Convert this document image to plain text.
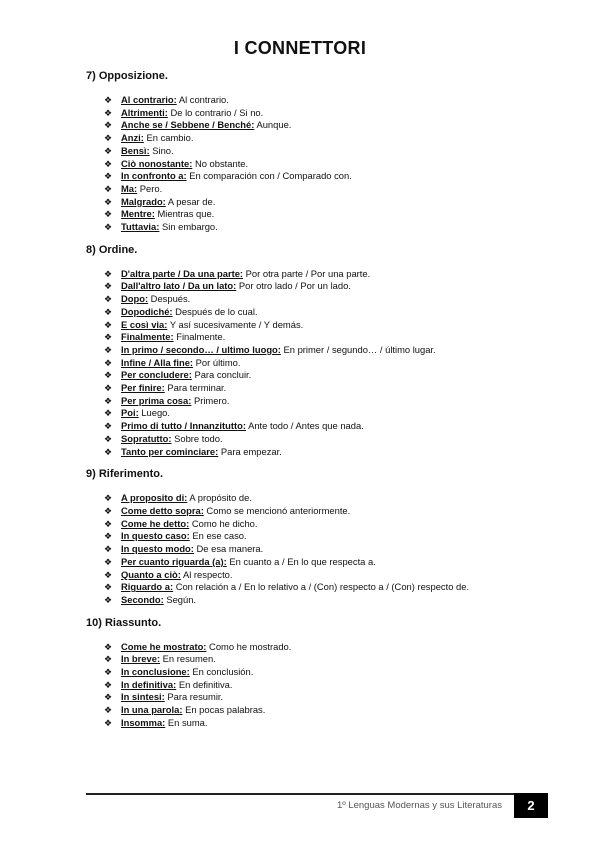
I CONNETTORI
7) Opposizione.
❖ Al contrario: Al contrario.
❖ Altrimenti: De lo contrario / Si no.
❖ Anche se / Sebbene / Benché: Aunque.
❖ Anzi: En cambio.
❖ Bensì: Sino.
❖ Ciò nonostante: No obstante.
❖ In confronto a: En comparación con / Comparado con.
❖ Ma: Pero.
❖ Malgrado: A pesar de.
❖ Mentre: Mientras que.
❖ Tuttavia: Sin embargo.
8) Ordine.
❖ D'altra parte / Da una parte: Por otra parte / Por una parte.
❖ Dall'altro lato / Da un lato: Por otro lado / Por un lado.
❖ Dopo: Después.
❖ Dopodiché: Después de lo cual.
❖ E così via: Y así sucesivamente / Y demás.
❖ Finalmente: Finalmente.
❖ In primo / secondo… / ultimo luogo: En primer / segundo… / último lugar.
❖ Infine / Alla fine: Por último.
❖ Per concludere: Para concluir.
❖ Per finire: Para terminar.
❖ Per prima cosa: Primero.
❖ Poi: Luego.
❖ Primo di tutto / Innanzitutto: Ante todo / Antes que nada.
❖ Sopratutto: Sobre todo.
❖ Tanto per cominciare: Para empezar.
9) Riferimento.
❖ A proposito di: A propósito de.
❖ Come detto sopra: Como se mencionó anteriormente.
❖ Come he detto: Como he dicho.
❖ In questo caso: En ese caso.
❖ In questo modo: De esa manera.
❖ Per cuanto riguarda (a): En cuanto a / En lo que respecta a.
❖ Quanto a ciò: Al respecto.
❖ Riguardo a: Con relación a / En lo relativo a / (Con) respecto a / (Con) respecto de.
❖ Secondo: Según.
10) Riassunto.
❖ Come he mostrato: Como he mostrado.
❖ In breve: En resumen.
❖ In conclusione: En conclusión.
❖ In definitiva: En definitiva.
❖ In sintesi: Para resumir.
❖ In una parola: En pocas palabras.
❖ Insomma: En suma.
1º Lenguas Modernas y sus Literaturas	2
